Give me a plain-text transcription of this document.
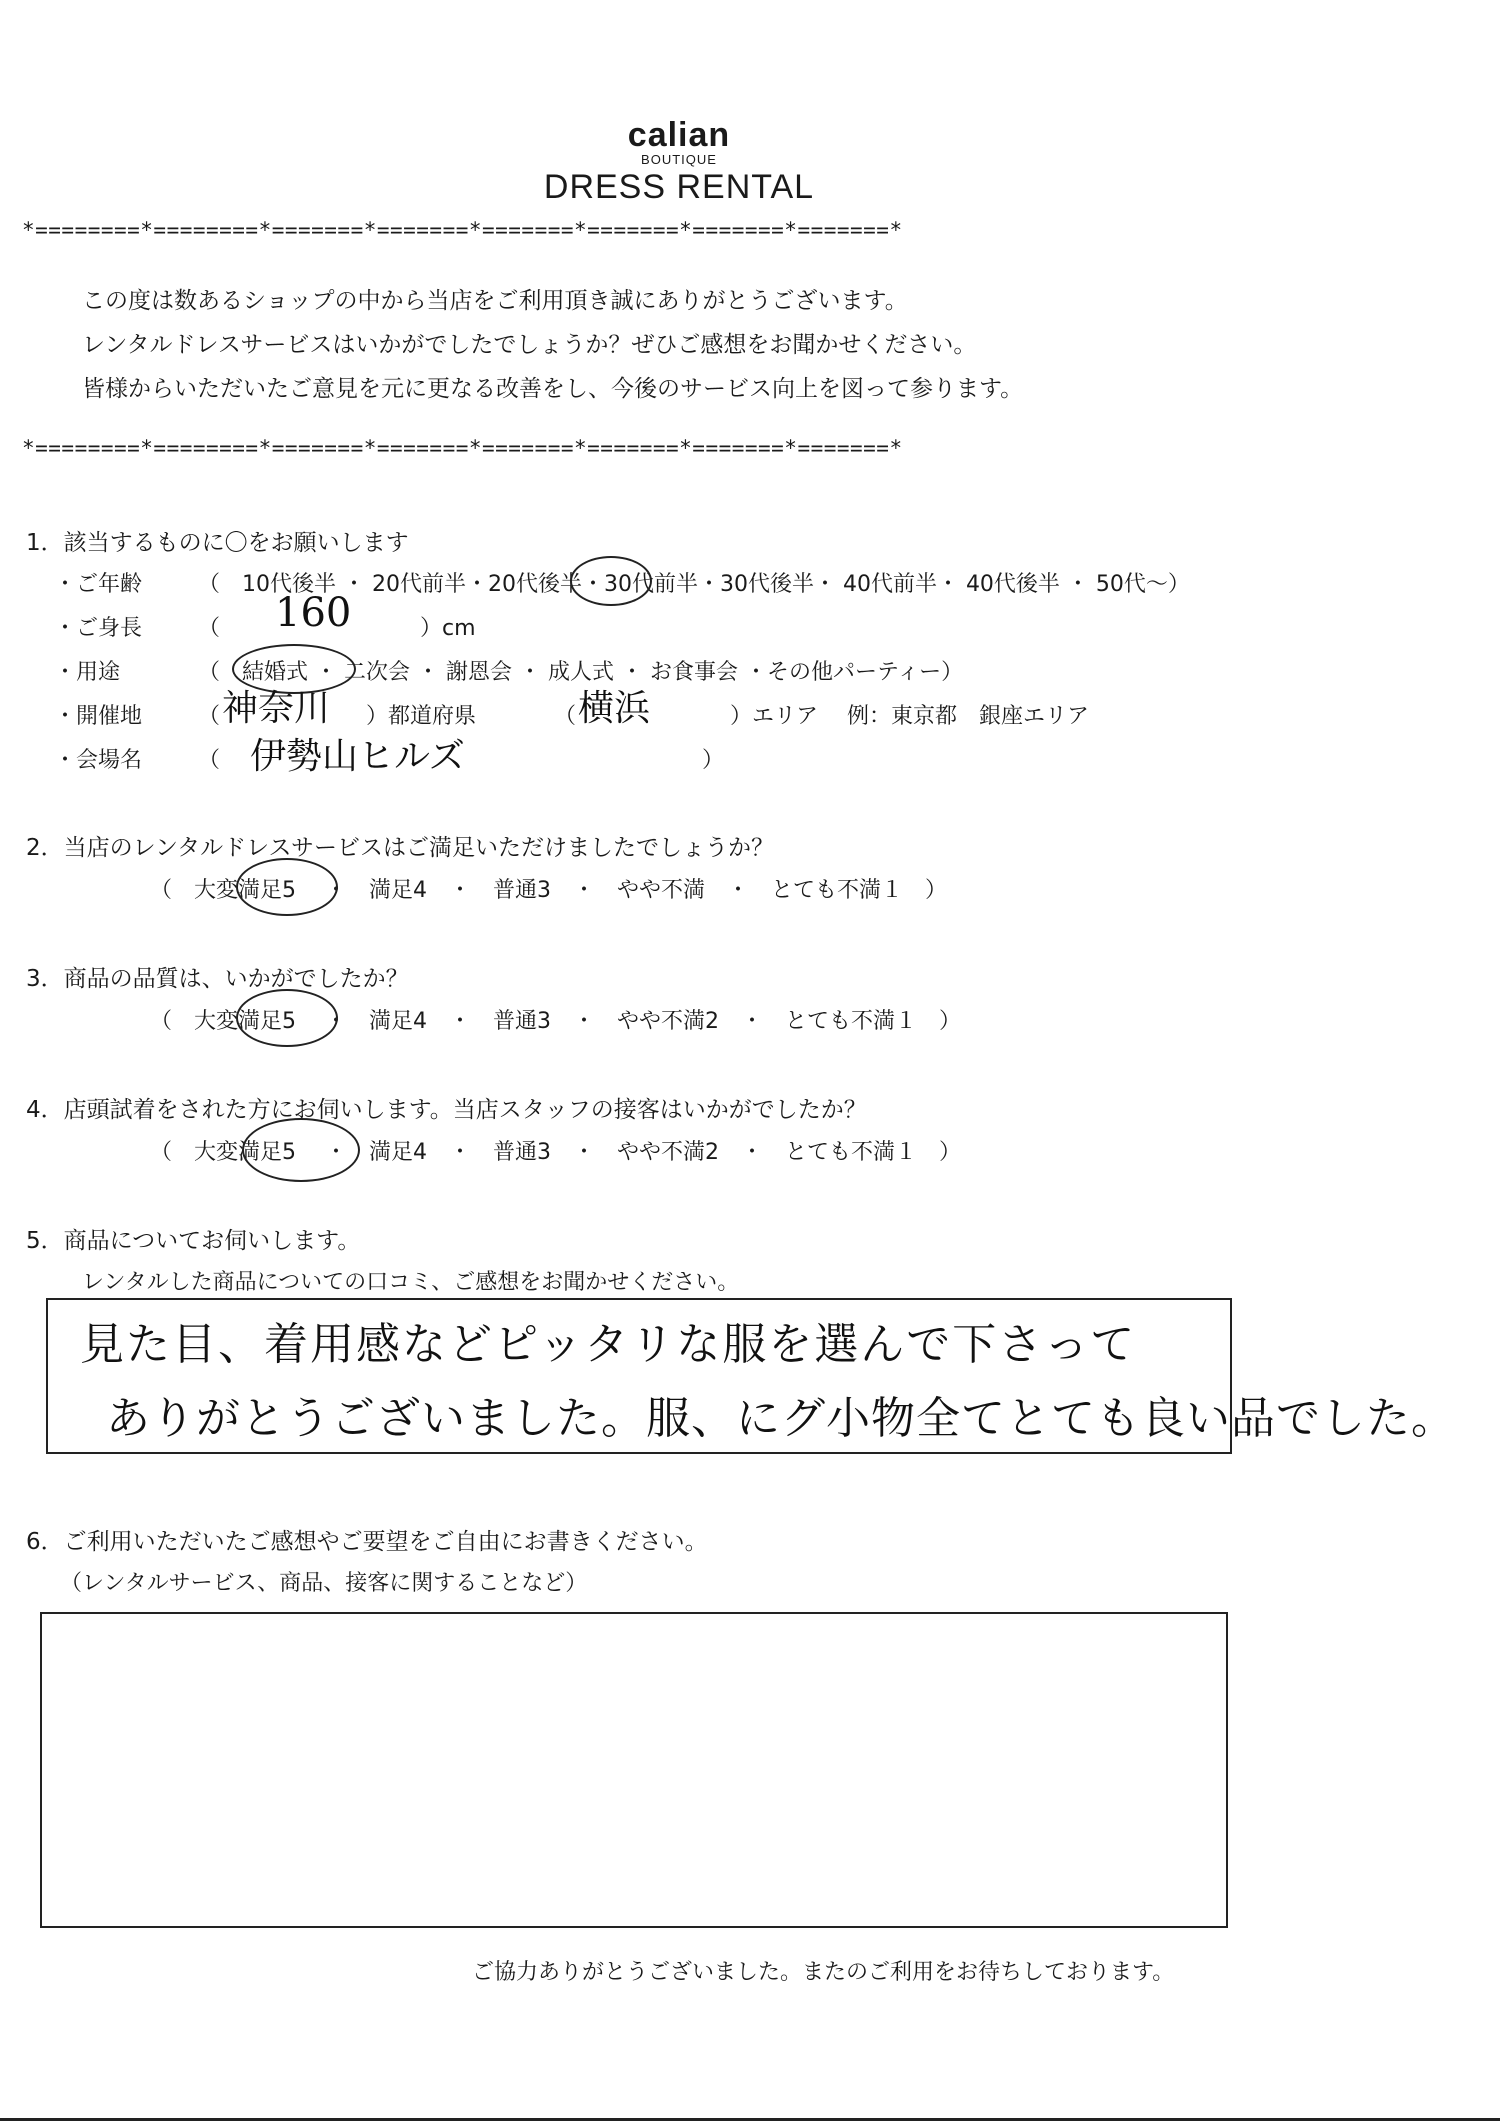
calian
BOUTIQUE
DRESS RENTAL
*========*========*=======*=======*=======*=======*=======*=======*
この度は数あるショップの中から当店をご利用頂き誠にありがとうございます。
レンタルドレスサービスはいかがでしたでしょうか？ぜひご感想をお聞かせください。
皆様からいただいたご意見を元に更なる改善をし、今後のサービス向上を図って参ります。
*========*========*=======*=======*=======*=======*=======*=======*
1．該当するものに〇をお願いします
・ご年齢	（　10代後半 ・ 20代前半・20代後半・30代前半・30代後半・ 40代前半・ 40代後半 ・ 50代〜）
・ご身長	（ 160	）cm
・用途	（　結婚式 ・ 二次会 ・ 謝恩会 ・ 成人式 ・ お食事会 ・その他パーティー）
・開催地	（ 神奈川 ）都道府県	（ 横浜	）エリア　 例：東京都　銀座エリア
・会場名	（ 伊勢山ヒルズ	）
2．当店のレンタルドレスサービスはご満足いただけましたでしょうか？
（　大変満足5　 ・　満足4　・　普通3　・　やや不満　・　とても不満１　）
3．商品の品質は、いかがでしたか？
（　大変満足5　 ・　満足4　・　普通3　・　やや不満2　・　とても不満１　）
4．店頭試着をされた方にお伺いします。当店スタッフの接客はいかがでしたか？
（　大変満足5　 ・　満足4　・　普通3　・　やや不満2　・　とても不満１　）
5．商品についてお伺いします。
レンタルした商品についての口コミ、ご感想をお聞かせください。
見た目、着用感などピッタリな服を選んで下さって
ありがとうございました。服、にグ小物全てとても良い品でした。
6．ご利用いただいたご感想やご要望をご自由にお書きください。
（レンタルサービス、商品、接客に関することなど）
ご協力ありがとうございました。またのご利用をお待ちしております。
